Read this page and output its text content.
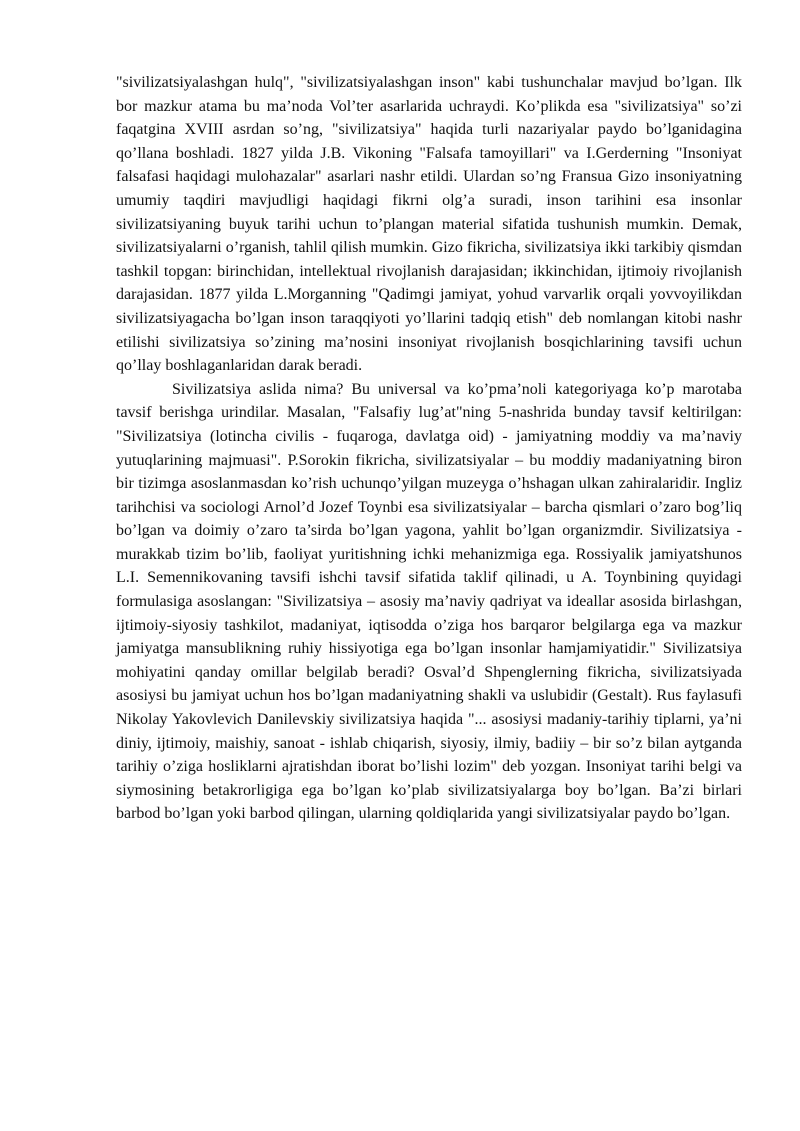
"sivilizatsiyalashgan hulq", "sivilizatsiyalashgan inson" kabi tushunchalar mavjud bo’lgan. Ilk bor mazkur atama bu ma’noda Vol’ter asarlarida uchraydi. Ko’plikda esa "sivilizatsiya" so’zi faqatgina XVIII asrdan so’ng, "sivilizatsiya" haqida turli nazariyalar paydo bo’lganidagina qo’llana boshladi. 1827 yilda J.B. Vikoning "Falsafa tamoyillari" va I.Gerderning "Insoniyat falsafasi haqidagi mulohazalar" asarlari nashr etildi. Ulardan so’ng Fransua Gizo insoniyatning umumiy taqdiri mavjudligi haqidagi fikrni olg’a suradi, inson tarihini esa insonlar sivilizatsiyaning buyuk tarihi uchun to’plangan material sifatida tushunish mumkin. Demak, sivilizatsiyalarni o’rganish, tahlil qilish mumkin. Gizo fikricha, sivilizatsiya ikki tarkibiy qismdan tashkil topgan: birinchidan, intellektual rivojlanish darajasidan; ikkinchidan, ijtimoiy rivojlanish darajasidan. 1877 yilda L.Morganning "Qadimgi jamiyat, yohud varvarlik orqali yovvoyilikdan sivilizatsiyagacha bo’lgan inson taraqqiyoti yo’llarini tadqiq etish" deb nomlangan kitobi nashr etilishi sivilizatsiya so’zining ma’nosini insoniyat rivojlanish bosqichlarining tavsifi uchun qo’llay boshlaganlaridan darak beradi.

Sivilizatsiya aslida nima? Bu universal va ko’pma’noli kategoriyaga ko’p marotaba tavsif berishga urindilar. Masalan, "Falsafiy lug’at"ning 5-nashrida bunday tavsif keltirilgan: "Sivilizatsiya (lotincha civilis - fuqaroga, davlatga oid) - jamiyatning moddiy va ma’naviy yutuqlarining majmuasi". P.Sorokin fikricha, sivilizatsiyalar – bu moddiy madaniyatning biron bir tizimga asoslanmasdan ko’rish uchunqo’yilgan muzeyga o’hshagan ulkan zahiralaridir. Ingliz tarihchisi va sociologi Arnol’d Jozef Toynbi esa sivilizatsiyalar – barcha qismlari o’zaro bog’liq bo’lgan va doimiy o’zaro ta’sirda bo’lgan yagona, yahlit bo’lgan organizmdir. Sivilizatsiya - murakkab tizim bo’lib, faoliyat yuritishning ichki mehanizmiga ega. Rossiyalik jamiyatshunos L.I. Semennikovaning tavsifi ishchi tavsif sifatida taklif qilinadi, u A. Toynbining quyidagi formulasiga asoslangan: "Sivilizatsiya – asosiy ma’naviy qadriyat va ideallar asosida birlashgan, ijtimoiy-siyosiy tashkilot, madaniyat, iqtisodda o’ziga hos barqaror belgilarga ega va mazkur jamiyatga mansublikning ruhiy hissiyotiga ega bo’lgan insonlar hamjamiyatidir." Sivilizatsiya mohiyatini qanday omillar belgilab beradi? Osval’d Shpenglerning fikricha, sivilizatsiyada asosiysi bu jamiyat uchun hos bo’lgan madaniyatning shakli va uslubidir (Gestalt). Rus faylasufi Nikolay Yakovlevich Danilevskiy sivilizatsiya haqida "... asosiysi madaniy-tarihiy tiplarni, ya’ni diniy, ijtimoiy, maishiy, sanoat - ishlab chiqarish, siyosiy, ilmiy, badiiy – bir so’z bilan aytganda tarihiy o’ziga hosliklarni ajratishdan iborat bo’lishi lozim" deb yozgan. Insoniyat tarihi belgi va siymosining betakrorligiga ega bo’lgan ko’plab sivilizatsiyalarga boy bo’lgan. Ba’zi birlari barbod bo’lgan yoki barbod qilingan, ularning qoldiqlarida yangi sivilizatsiyalar paydo bo’lgan.
